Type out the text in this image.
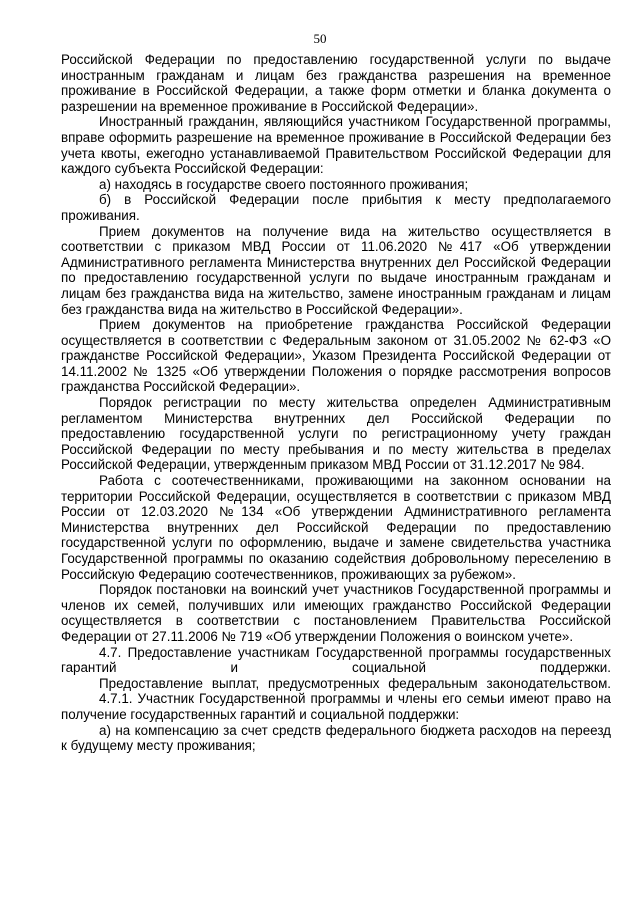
50

Российской Федерации по предоставлению государственной услуги по выдаче иностранным гражданам и лицам без гражданства разрешения на временное проживание в Российской Федерации, а также форм отметки и бланка документа о разрешении на временное проживание в Российской Федерации».

Иностранный гражданин, являющийся участником Государственной программы, вправе оформить разрешение на временное проживание в Российской Федерации без учета квоты, ежегодно устанавливаемой Правительством Российской Федерации для каждого субъекта Российской Федерации:

а) находясь в государстве своего постоянного проживания;

б) в Российской Федерации после прибытия к месту предполагаемого проживания.

Прием документов на получение вида на жительство осуществляется в соответствии с приказом МВД России от 11.06.2020 №417 «Об утверждении Административного регламента Министерства внутренних дел Российской Федерации по предоставлению государственной услуги по выдаче иностранным гражданам и лицам без гражданства вида на жительство, замене иностранным гражданам и лицам без гражданства вида на жительство в Российской Федерации».

Прием документов на приобретение гражданства Российской Федерации осуществляется в соответствии с Федеральным законом от 31.05.2002 № 62-ФЗ «О гражданстве Российской Федерации», Указом Президента Российской Федерации от 14.11.2002 № 1325 «Об утверждении Положения о порядке рассмотрения вопросов гражданства Российской Федерации».

Порядок регистрации по месту жительства определен Административным регламентом Министерства внутренних дел Российской Федерации по предоставлению государственной услуги по регистрационному учету граждан Российской Федерации по месту пребывания и по месту жительства в пределах Российской Федерации, утвержденным приказом МВД России от 31.12.2017 № 984.

Работа с соотечественниками, проживающими на законном основании на территории Российской Федерации, осуществляется в соответствии с приказом МВД России от 12.03.2020 №134 «Об утверждении Административного регламента Министерства внутренних дел Российской Федерации по предоставлению государственной услуги по оформлению, выдаче и замене свидетельства участника Государственной программы по оказанию содействия добровольному переселению в Российскую Федерацию соотечественников, проживающих за рубежом».

Порядок постановки на воинский учет участников Государственной программы и членов их семей, получивших или имеющих гражданство Российской Федерации осуществляется в соответствии с постановлением Правительства Российской Федерации от 27.11.2006 № 719 «Об утверждении Положения о воинском учете».

4.7. Предоставление участникам Государственной программы государственных гарантий и социальной поддержки.

Предоставление выплат, предусмотренных федеральным законодательством.

4.7.1. Участник Государственной программы и члены его семьи имеют право на получение государственных гарантий и социальной поддержки:

а) на компенсацию за счет средств федерального бюджета расходов на переезд к будущему месту проживания;
